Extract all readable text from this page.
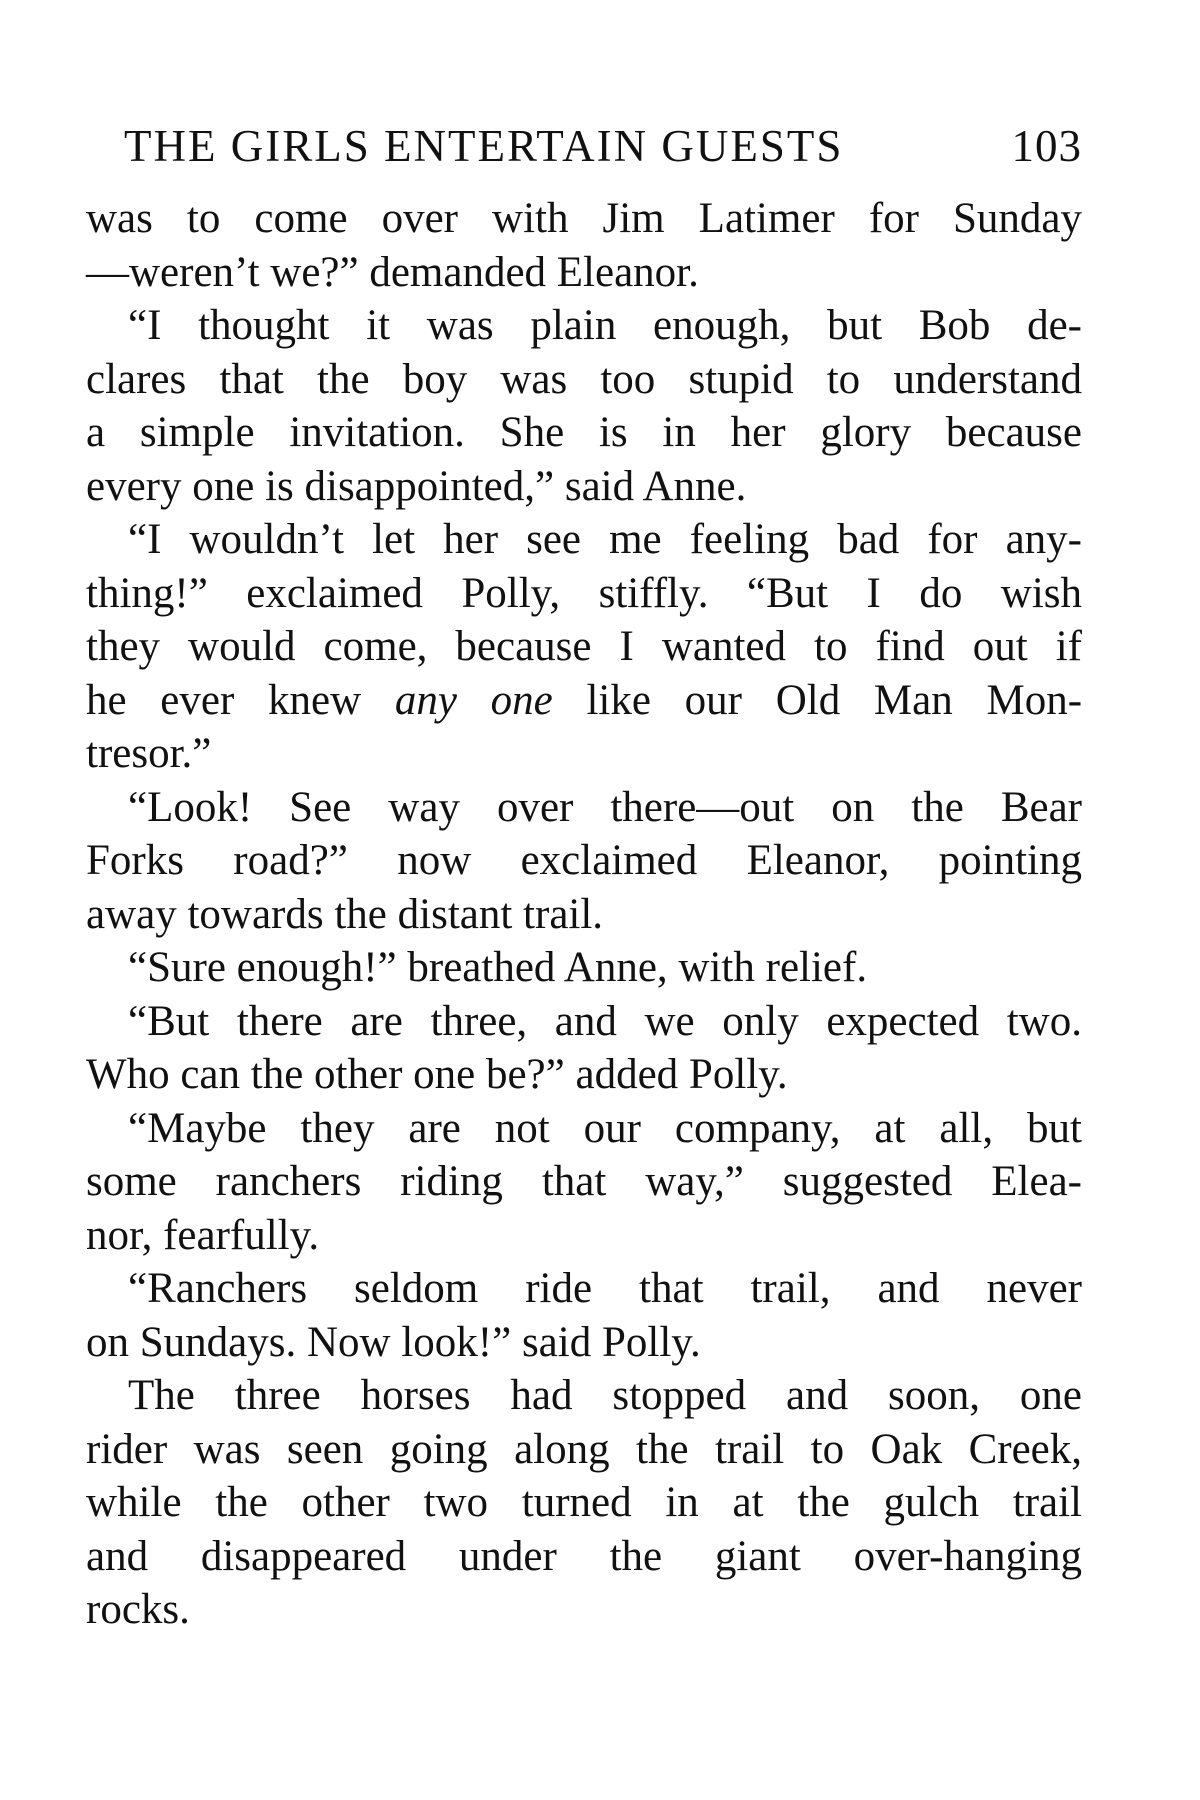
THE GIRLS ENTERTAIN GUESTS	103
was to come over with Jim Latimer for Sunday
—weren’t we?” demanded Eleanor.
“I thought it was plain enough, but Bob de-
clares that the boy was too stupid to understand
a simple invitation. She is in her glory because
every one is disappointed,” said Anne.
“I wouldn’t let her see me feeling bad for any-
thing!” exclaimed Polly, stiffly. “But I do wish
they would come, because I wanted to find out if
he ever knew any one like our Old Man Mon-
tresor.”
“Look! See way over there—out on the Bear
Forks road?” now exclaimed Eleanor, pointing
away towards the distant trail.
“Sure enough!” breathed Anne, with relief.
“But there are three, and we only expected two.
Who can the other one be?” added Polly.
“Maybe they are not our company, at all, but
some ranchers riding that way,” suggested Elea-
nor, fearfully.
“Ranchers seldom ride that trail, and never
on Sundays. Now look!” said Polly.
The three horses had stopped and soon, one
rider was seen going along the trail to Oak Creek,
while the other two turned in at the gulch trail
and disappeared under the giant over-hanging
rocks.
